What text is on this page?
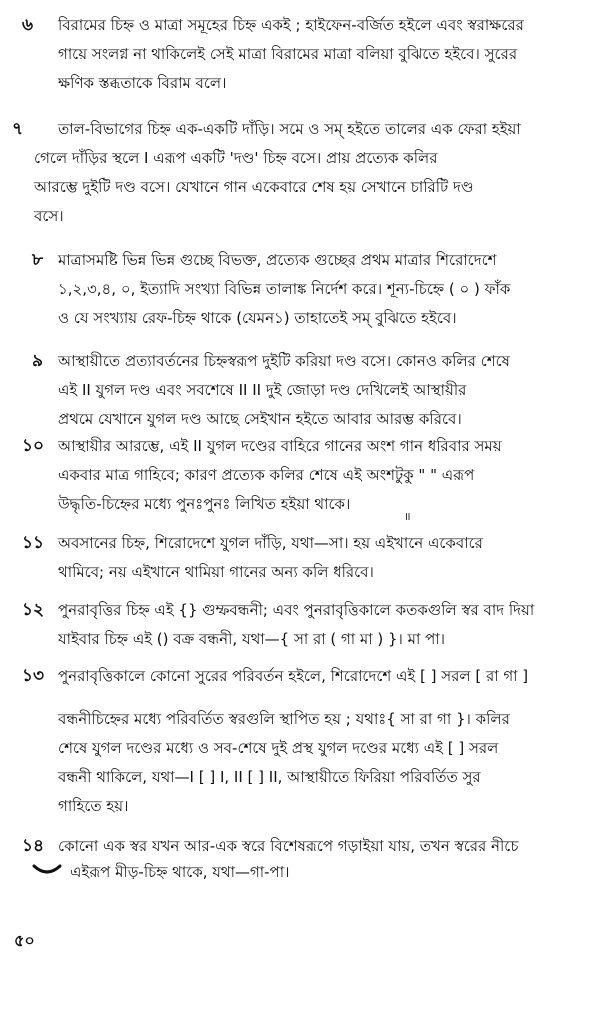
৬ বিরামের চিহ্ন ও মাত্রা সমূহের চিহ্ন একই ; হাইফেন-বর্জিত হইলে এবং স্বরাক্ষরের
গায়ে সংলগ্ন না থাকিলেই সেই মাত্রা বিরামের মাত্রা বলিয়া বুঝিতে হইবে। সুরের
ক্ষণিক স্তব্ধতাকে বিরাম বলে।
৭ তাল-বিভাগের চিহ্ন এক-একটি দাঁড়ি। সমে ও সম্ হইতে তালের এক ফেরা হইয়া
গেলে দাঁড়ির স্থলে I এরূপ একটি 'দণ্ড' চিহ্ন বসে। প্রায় প্রত্যেক কলির
আরম্ভে দুইটি দণ্ড বসে। যেখানে গান একেবারে শেষ হয় সেখানে চারিটি দণ্ড
বসে।
৮ মাত্রাসমষ্টি ভিন্ন ভিন্ন গুচ্ছে বিভক্ত, প্রত্যেক গুচ্ছের প্রথম মাত্রার শিরোদেশে
১,২,৩,৪, ০, ইত্যাদি সংখ্যা বিভিন্ন তালাঙ্ক নির্দেশ করে। শূন্য-চিহ্নে ( ০ ) ফাঁক
ও যে সংখ্যায় রেফ-চিহ্ন থাকে (যেমন১) তাহাতেই সম্ বুঝিতে হইবে।
৯ আস্থায়ীতে প্রত্যাবর্তনের চিহ্নস্বরূপ দুইটি করিয়া দণ্ড বসে। কোনও কলির শেষে
এই II যুগল দণ্ড এবং সবশেষে II II দুই জোড়া দণ্ড দেখিলেই আস্থায়ীর
প্রথমে যেখানে যুগল দণ্ড আছে সেইখান হইতে আবার আরম্ভ করিবে।
১০ আস্থায়ীর আরম্ভে, এই II যুগল দণ্ডের বাহিরে গানের অংশ গান ধরিবার সময়
একবার মাত্র গাহিবে; কারণ প্রত্যেক কলির শেষে এই অংশটুকু " " এরূপ
উদ্ধৃতি-চিহ্নের মধ্যে পুনঃপুনঃ লিখিত হইয়া থাকে।
॥
১১ অবসানের চিহ্ন, শিরোদেশে যুগল দাঁড়ি, যথা—সা। হয় এইখানে একেবারে
থামিবে; নয় এইখানে থামিয়া গানের অন্য কলি ধরিবে।
১২ পুনরাবৃত্তির চিহ্ন এই {} গুম্ফবন্ধনী; এবং পুনরাবৃত্তিকালে কতকগুলি স্বর বাদ দিয়া
যাইবার চিহ্ন এই () বক্র বন্ধনী, যথা—{ সা রা ( গা মা ) }। মা পা।
১৩ পুনরাবৃত্তিকালে কোনো সুরের পরিবর্তন হইলে, শিরোদেশে এই [ ] সরল [ রা গা ]
বন্ধনীচিহ্নের মধ্যে পরিবর্তিত স্বরগুলি স্থাপিত হয় ; যথাঃ{ সা রা গা }। কলির
শেষে যুগল দণ্ডের মধ্যে ও সব-শেষে দুই প্রস্থ যুগল দণ্ডের মধ্যে এই [ ] সরল
বন্ধনী থাকিলে, যথা—I [ ] I, II [ ] II, আস্থায়ীতে ফিরিয়া পরিবর্তিত সুর
গাহিতে হয়।
১৪ কোনো এক স্বর যখন আর-এক স্বরে বিশেষরূপে গড়াইয়া যায়, তখন স্বরের নীচে
এইরূপ মীড়-চিহ্ন থাকে, যথা—গা-পা।
৫০
